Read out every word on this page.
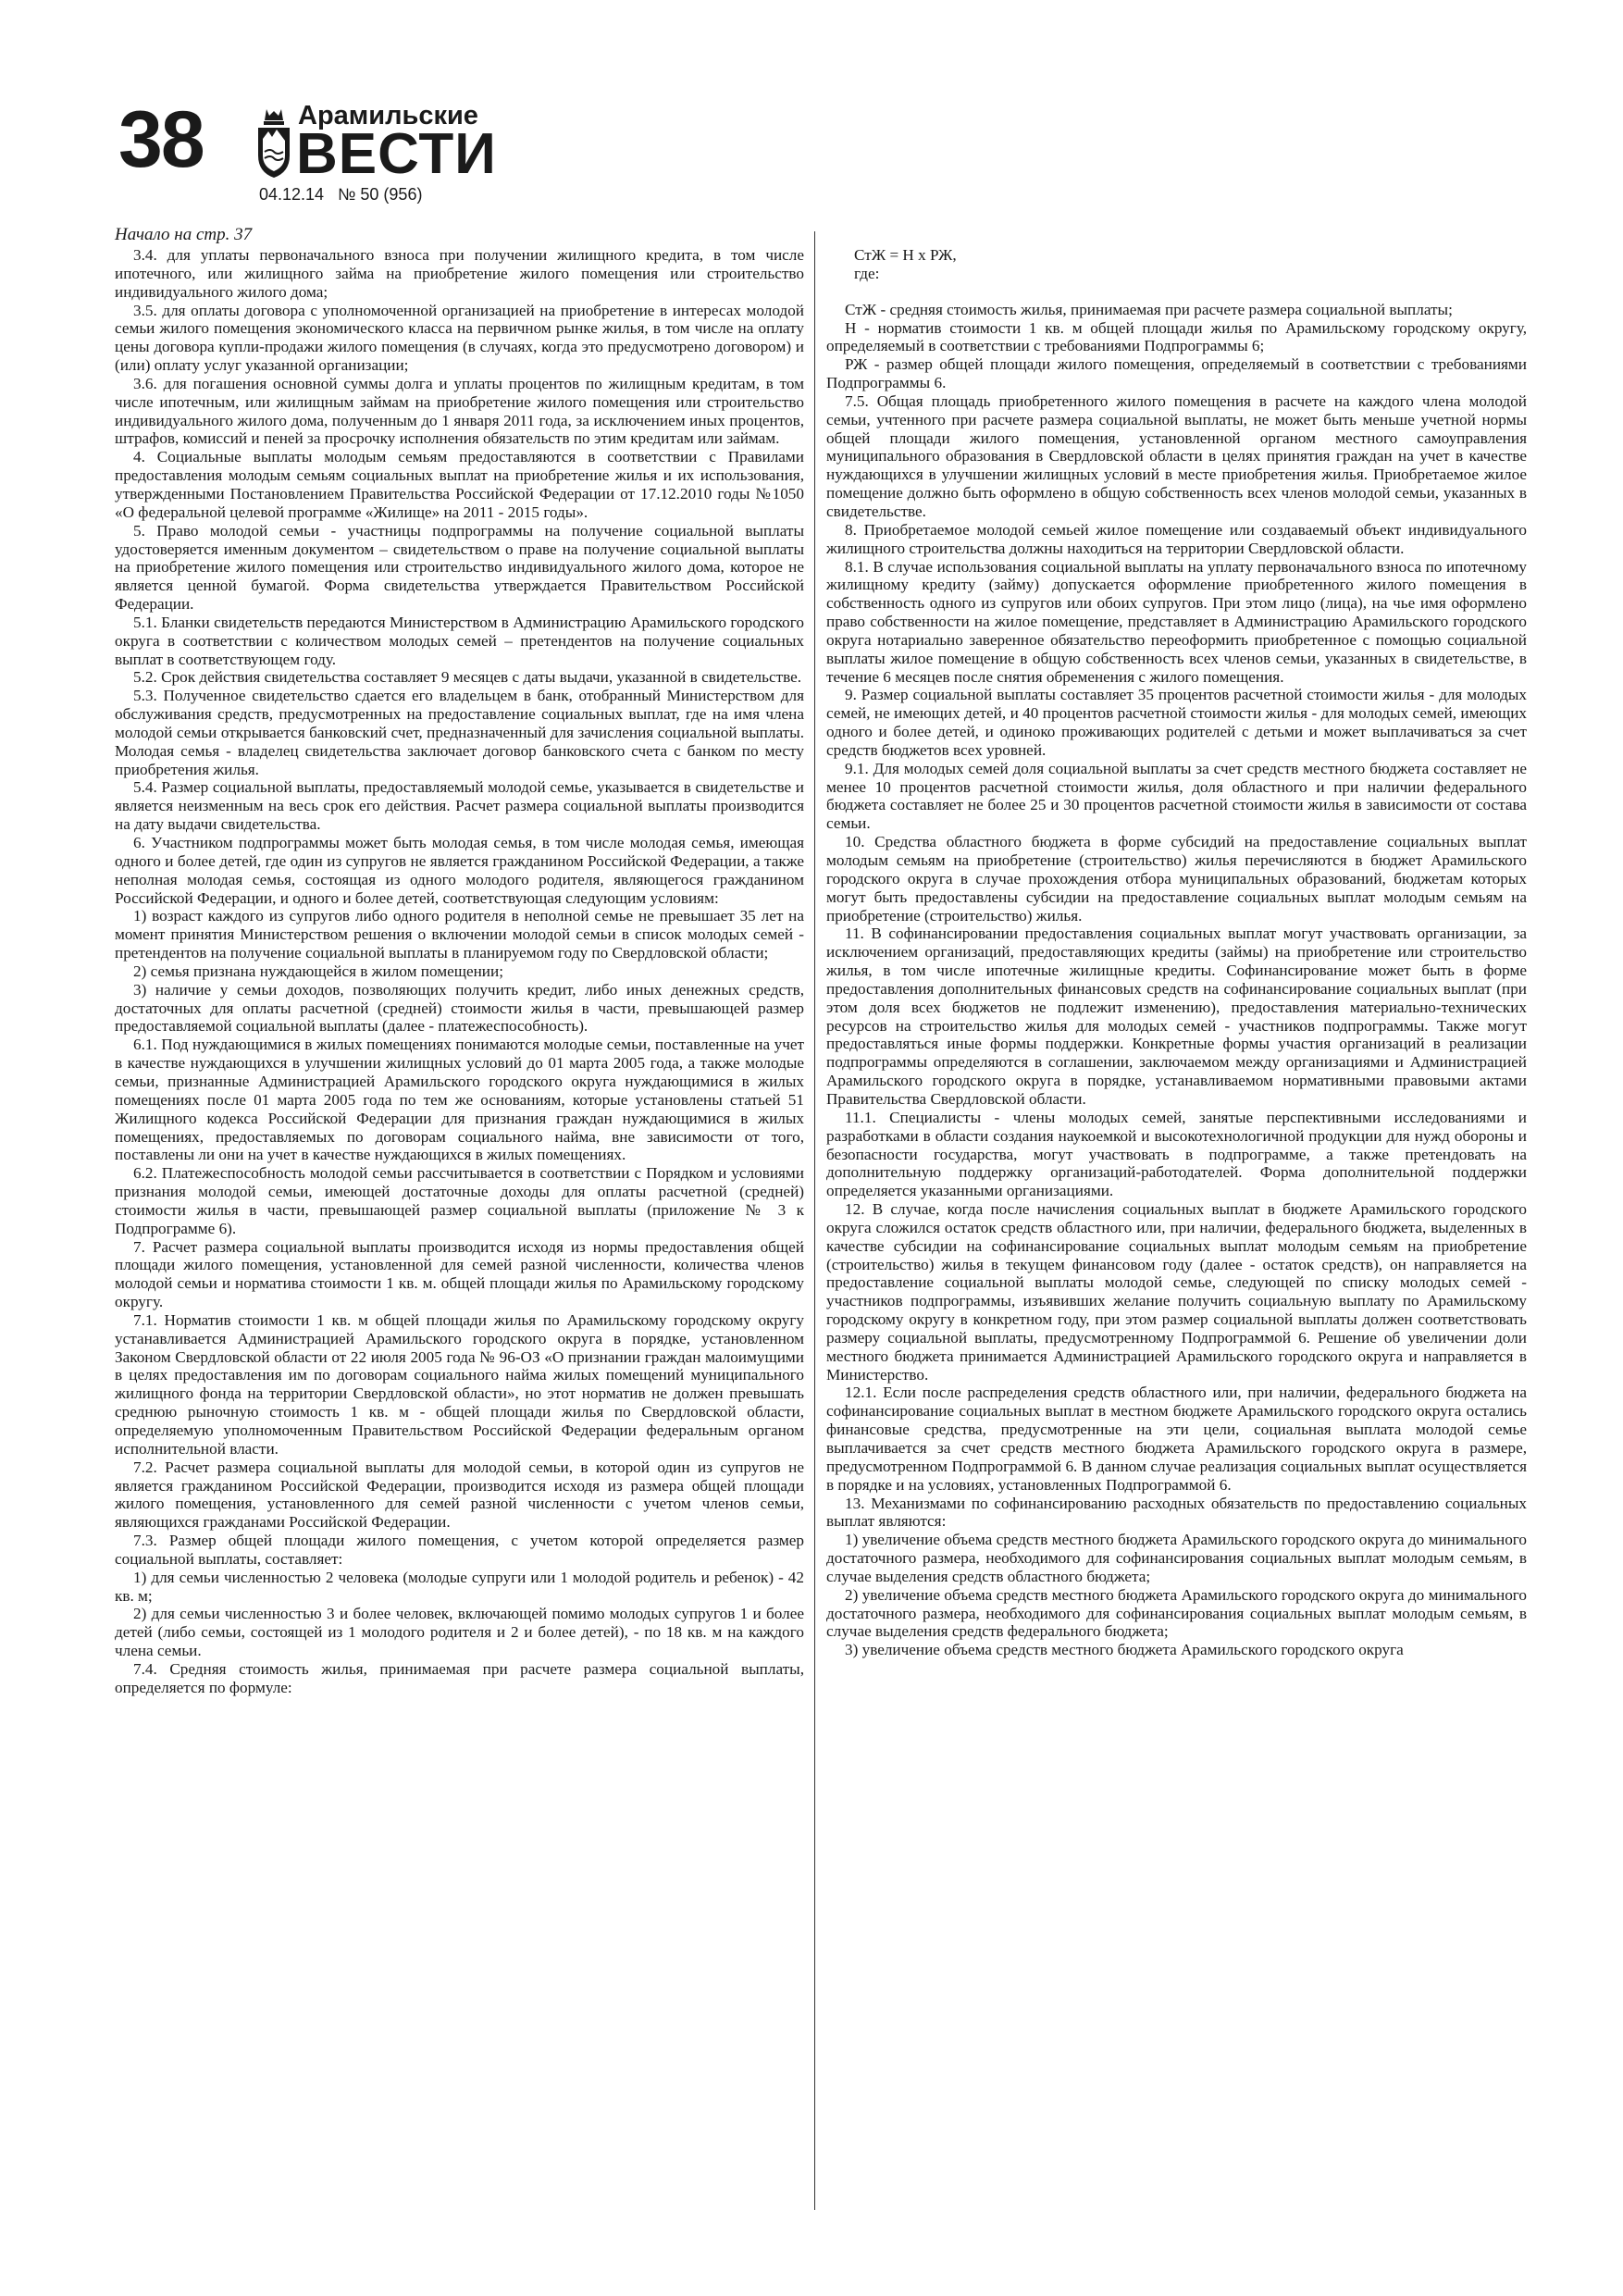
38	Арамильские
ВЕСТИ
04.12.14 № 50 (956)
Начало на стр. 37

3.4. для уплаты первоначального взноса при получении жилищного кредита, в том числе ипотечного, или жилищного займа на приобретение жилого помещения или строительство индивидуального жилого дома;

3.5. для оплаты договора с уполномоченной организацией на приобретение в интересах молодой семьи жилого помещения экономического класса на первичном рынке жилья, в том числе на оплату цены договора купли-продажи жилого помещения (в случаях, когда это предусмотрено договором) и (или) оплату услуг указанной организации;

3.6. для погашения основной суммы долга и уплаты процентов по жилищным кредитам, в том числе ипотечным, или жилищным займам на приобретение жилого помещения или строительство индивидуального жилого дома, полученным до 1 января 2011 года, за исключением иных процентов, штрафов, комиссий и пеней за просрочку исполнения обязательств по этим кредитам или займам.

4. Социальные выплаты молодым семьям предоставляются в соответствии с Правилами предоставления молодым семьям социальных выплат на приобретение жилья и их использования, утвержденными Постановлением Правительства Российской Федерации от 17.12.2010 годы №1050 «О федеральной целевой программе «Жилище» на 2011 - 2015 годы».

5. Право молодой семьи - участницы подпрограммы на получение социальной выплаты удостоверяется именным документом – свидетельством о праве на получение социальной выплаты на приобретение жилого помещения или строительство индивидуального жилого дома, которое не является ценной бумагой. Форма свидетельства утверждается Правительством Российской Федерации.

5.1. Бланки свидетельств передаются Министерством в Администрацию Арамильского городского округа в соответствии с количеством молодых семей – претендентов на получение социальных выплат в соответствующем году.

5.2. Срок действия свидетельства составляет 9 месяцев с даты выдачи, указанной в свидетельстве.

5.3. Полученное свидетельство сдается его владельцем в банк, отобранный Министерством для обслуживания средств, предусмотренных на предоставление социальных выплат, где на имя члена молодой семьи открывается банковский счет, предназначенный для зачисления социальной выплаты. Молодая семья - владелец свидетельства заключает договор банковского счета с банком по месту приобретения жилья.

5.4. Размер социальной выплаты, предоставляемый молодой семье, указывается в свидетельстве и является неизменным на весь срок его действия. Расчет размера социальной выплаты производится на дату выдачи свидетельства.

6. Участником подпрограммы может быть молодая семья, в том числе молодая семья, имеющая одного и более детей, где один из супругов не является гражданином Российской Федерации, а также неполная молодая семья, состоящая из одного молодого родителя, являющегося гражданином Российской Федерации, и одного и более детей, соответствующая следующим условиям:

1) возраст каждого из супругов либо одного родителя в неполной семье не превышает 35 лет на момент принятия Министерством решения о включении молодой семьи в список молодых семей - претендентов на получение социальной выплаты в планируемом году по Свердловской области;

2) семья признана нуждающейся в жилом помещении;

3) наличие у семьи доходов, позволяющих получить кредит, либо иных денежных средств, достаточных для оплаты расчетной (средней) стоимости жилья в части, превышающей размер предоставляемой социальной выплаты (далее - платежеспособность).

6.1. Под нуждающимися в жилых помещениях понимаются молодые семьи, поставленные на учет в качестве нуждающихся в улучшении жилищных условий до 01 марта 2005 года, а также молодые семьи, признанные Администрацией Арамильского городского округа нуждающимися в жилых помещениях после 01 марта 2005 года по тем же основаниям, которые установлены статьей 51 Жилищного кодекса Российской Федерации для признания граждан нуждающимися в жилых помещениях, предоставляемых по договорам социального найма, вне зависимости от того, поставлены ли они на учет в качестве нуждающихся в жилых помещениях.

6.2. Платежеспособность молодой семьи рассчитывается в соответствии с Порядком и условиями признания молодой семьи, имеющей достаточные доходы для оплаты расчетной (средней) стоимости жилья в части, превышающей размер социальной выплаты (приложение № 3 к Подпрограмме 6).

7. Расчет размера социальной выплаты производится исходя из нормы предоставления общей площади жилого помещения, установленной для семей разной численности, количества членов молодой семьи и норматива стоимости 1 кв. м. общей площади жилья по Арамильскому городскому округу.

7.1. Норматив стоимости 1 кв. м общей площади жилья по Арамильскому городскому округу устанавливается Администрацией Арамильского городского округа в порядке, установленном Законом Свердловской области от 22 июля 2005 года № 96-ОЗ «О признании граждан малоимущими в целях предоставления им по договорам социального найма жилых помещений муниципального жилищного фонда на территории Свердловской области», но этот норматив не должен превышать среднюю рыночную стоимость 1 кв. м - общей площади жилья по Свердловской области, определяемую уполномоченным Правительством Российской Федерации федеральным органом исполнительной власти.

7.2. Расчет размера социальной выплаты для молодой семьи, в которой один из супругов не является гражданином Российской Федерации, производится исходя из размера общей площади жилого помещения, установленного для семей разной численности с учетом членов семьи, являющихся гражданами Российской Федерации.

7.3. Размер общей площади жилого помещения, с учетом которой определяется размер социальной выплаты, составляет:

1) для семьи численностью 2 человека (молодые супруги или 1 молодой родитель и ребенок) - 42 кв. м;

2) для семьи численностью 3 и более человек, включающей помимо молодых супругов 1 и более детей (либо семьи, состоящей из 1 молодого родителя и 2 и более детей), - по 18 кв. м на каждого члена семьи.

7.4. Средняя стоимость жилья, принимаемая при расчете размера социальной выплаты, определяется по формуле:

СтЖ = Н х РЖ,

где:

СтЖ - средняя стоимость жилья, принимаемая при расчете размера социальной выплаты;

Н - норматив стоимости 1 кв. м общей площади жилья по Арамильскому городскому округу, определяемый в соответствии с требованиями Подпрограммы 6;

РЖ - размер общей площади жилого помещения, определяемый в соответствии с требованиями Подпрограммы 6.

7.5. Общая площадь приобретенного жилого помещения в расчете на каждого члена молодой семьи, учтенного при расчете размера социальной выплаты, не может быть меньше учетной нормы общей площади жилого помещения, установленной органом местного самоуправления муниципального образования в Свердловской области в целях принятия граждан на учет в качестве нуждающихся в улучшении жилищных условий в месте приобретения жилья. Приобретаемое жилое помещение должно быть оформлено в общую собственность всех членов молодой семьи, указанных в свидетельстве.

8. Приобретаемое молодой семьей жилое помещение или создаваемый объект индивидуального жилищного строительства должны находиться на территории Свердловской области.

8.1. В случае использования социальной выплаты на уплату первоначального взноса по ипотечному жилищному кредиту (займу) допускается оформление приобретенного жилого помещения в собственность одного из супругов или обоих супругов. При этом лицо (лица), на чье имя оформлено право собственности на жилое помещение, представляет в Администрацию Арамильского городского округа нотариально заверенное обязательство переоформить приобретенное с помощью социальной выплаты жилое помещение в общую собственность всех членов семьи, указанных в свидетельстве, в течение 6 месяцев после снятия обременения с жилого помещения.

9. Размер социальной выплаты составляет 35 процентов расчетной стоимости жилья - для молодых семей, не имеющих детей, и 40 процентов расчетной стоимости жилья - для молодых семей, имеющих одного и более детей, и одиноко проживающих родителей с детьми и может выплачиваться за счет средств бюджетов всех уровней.

9.1. Для молодых семей доля социальной выплаты за счет средств местного бюджета составляет не менее 10 процентов расчетной стоимости жилья, доля областного и при наличии федерального бюджета составляет не более 25 и 30 процентов расчетной стоимости жилья в зависимости от состава семьи.

10. Средства областного бюджета в форме субсидий на предоставление социальных выплат молодым семьям на приобретение (строительство) жилья перечисляются в бюджет Арамильского городского округа в случае прохождения отбора муниципальных образований, бюджетам которых могут быть предоставлены субсидии на предоставление социальных выплат молодым семьям на приобретение (строительство) жилья.

11. В софинансировании предоставления социальных выплат могут участвовать организации, за исключением организаций, предоставляющих кредиты (займы) на приобретение или строительство жилья, в том числе ипотечные жилищные кредиты. Софинансирование может быть в форме предоставления дополнительных финансовых средств на софинансирование социальных выплат (при этом доля всех бюджетов не подлежит изменению), предоставления материально-технических ресурсов на строительство жилья для молодых семей - участников подпрограммы. Также могут предоставляться иные формы поддержки. Конкретные формы участия организаций в реализации подпрограммы определяются в соглашении, заключаемом между организациями и Администрацией Арамильского городского округа в порядке, устанавливаемом нормативными правовыми актами Правительства Свердловской области.

11.1. Специалисты - члены молодых семей, занятые перспективными исследованиями и разработками в области создания наукоемкой и высокотехнологичной продукции для нужд обороны и безопасности государства, могут участвовать в подпрограмме, а также претендовать на дополнительную поддержку организаций-работодателей. Форма дополнительной поддержки определяется указанными организациями.

12. В случае, когда после начисления социальных выплат в бюджете Арамильского городского округа сложился остаток средств областного или, при наличии, федерального бюджета, выделенных в качестве субсидии на софинансирование социальных выплат молодым семьям на приобретение (строительство) жилья в текущем финансовом году (далее - остаток средств), он направляется на предоставление социальной выплаты молодой семье, следующей по списку молодых семей - участников подпрограммы, изъявивших желание получить социальную выплату по Арамильскому городскому округу в конкретном году, при этом размер социальной выплаты должен соответствовать размеру социальной выплаты, предусмотренному Подпрограммой 6. Решение об увеличении доли местного бюджета принимается Администрацией Арамильского городского округа и направляется в Министерство.

12.1. Если после распределения средств областного или, при наличии, федерального бюджета на софинансирование социальных выплат в местном бюджете Арамильского городского округа остались финансовые средства, предусмотренные на эти цели, социальная выплата молодой семье выплачивается за счет средств местного бюджета Арамильского городского округа в размере, предусмотренном Подпрограммой 6. В данном случае реализация социальных выплат осуществляется в порядке и на условиях, установленных Подпрограммой 6.

13. Механизмами по софинансированию расходных обязательств по предоставлению социальных выплат являются:

1) увеличение объема средств местного бюджета Арамильского городского округа до минимального достаточного размера, необходимого для софинансирования социальных выплат молодым семьям, в случае выделения средств областного бюджета;

2) увеличение объема средств местного бюджета Арамильского городского округа до минимального достаточного размера, необходимого для софинансирования социальных выплат молодым семьям, в случае выделения средств федерального бюджета;

3) увеличение объема средств местного бюджета Арамильского городского округа
